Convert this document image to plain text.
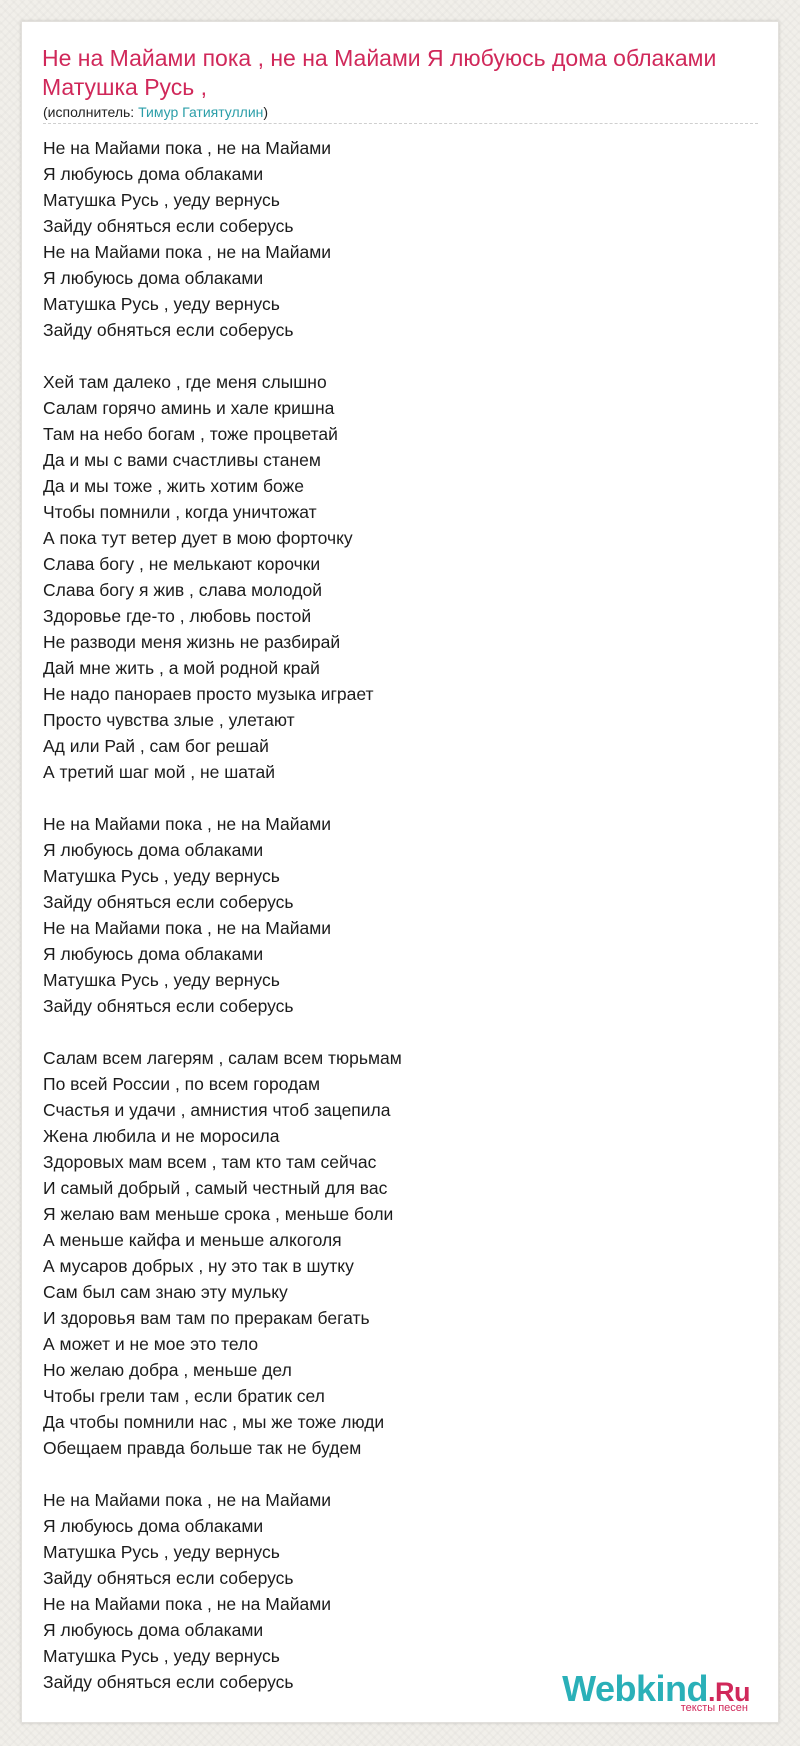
Не на Майами пока , не на Майами Я любуюсь дома облаками Матушка Русь ,
(исполнитель: Тимур Гатиятуллин)
Не на Майами пока , не на Майами
Я любуюсь дома облаками
Матушка Русь , уеду вернусь
Зайду обняться если соберусь
Не на Майами пока , не на Майами
Я любуюсь дома облаками
Матушка Русь , уеду вернусь
Зайду обняться если соберусь
Хей там далеко , где меня слышно
Салам горячо аминь и хале кришна
Там на небо богам , тоже процветай
Да и мы с вами счастливы станем
Да и мы тоже , жить хотим боже
Чтобы помнили , когда уничтожат
А пока тут ветер дует в мою форточку
Слава богу , не мелькают корочки
Слава богу я жив , слава молодой
Здоровье где-то , любовь постой
Не разводи меня жизнь не разбирай
Дай мне жить , а мой родной край
Не надо панораев просто музыка играет
Просто чувства злые , улетают
Ад или Рай , сам бог решай
А третий шаг мой , не шатай
Не на Майами пока , не на Майами
Я любуюсь дома облаками
Матушка Русь , уеду вернусь
Зайду обняться если соберусь
Не на Майами пока , не на Майами
Я любуюсь дома облаками
Матушка Русь , уеду вернусь
Зайду обняться если соберусь
Салам всем лагерям , салам всем тюрьмам
По всей России , по всем городам
Счастья и удачи , амнистия чтоб зацепила
Жена любила и не моросила
Здоровых мам всем , там кто там сейчас
И самый добрый , самый честный для вас
Я желаю вам меньше срока , меньше боли
А меньше кайфа и меньше алкоголя
А мусаров добрых , ну это так в шутку
Сам был сам знаю эту мульку
И здоровья вам там по преракам бегать
А может и не мое это тело
Но желаю добра , меньше дел
Чтобы грели там , если братик сел
Да чтобы помнили нас , мы же тоже люди
Обещаем правда больше так не будем
Не на Майами пока , не на Майами
Я любуюсь дома облаками
Матушка Русь , уеду вернусь
Зайду обняться если соберусь
Не на Майами пока , не на Майами
Я любуюсь дома облаками
Матушка Русь , уеду вернусь
Зайду обняться если соберусь	Webkind.Ru
тексты песен
